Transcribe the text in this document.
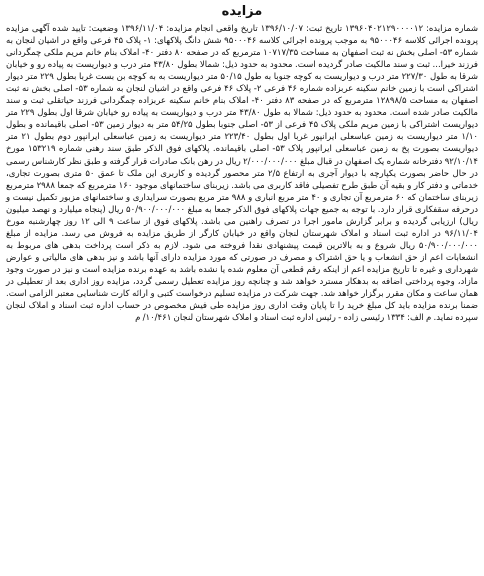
مزایده

شماره مزایده: ۱۳۹۶۰۴۰۲۱۲۹۰۰۰۰۱۲ تاریخ ثبت: ۱۳۹۶/۱۰/۰۷ تاریخ واقعی انجام مزایده: ۱۳۹۶/۱۱/۰۴ وضعیت: تایید شده آگهی مزایده پرونده اجرائی کلاسه ۹۵۰۰۰۴۶ به موجب پرونده اجرائی کلاسه ۹۵۰۰۰۴۶ شش دانگ پلاکهای: ۱- پلاک ۴۵ فرعی واقع در اشیان لنجان به شماره ۵۳- اصلی بخش نه ثبت اصفهان به مساحت ۱۰۷۱۷/۳۵ مترمربع که در صفحه ۸۰ دفتر ۴۰- املاک بنام خانم مریم ملکی چمگردانی فرزند خیرا... ثبت و سند مالکیت صادر گردیده است. محدود به حدود ذیل: شمالا بطول ۴۳/۸۰ متر درب و دیواریست به پیاده رو و خیابان شرقا به طول ۲۲۷/۳۰ متر درب و دیواریست به کوچه جنوبا به طول ۵۰/۱۵ متر دیواریست به به کوچه بن بست غربا بطول ۲۲۹ متر دیوار اشتراکی است با زمین خانم سکینه عربزاده شماره ۴۶ فرعی ۲- پلاک ۴۶ فرعی واقع در اشیان لنجان به شماره ۵۳- اصلی بخش نه ثبت اصفهان به مساحت ۱۲۸۹۸/۵ مترمربع که در صفحه ۸۳ دفتر ۴۰- املاک بنام خانم سکینه عربزاده چمگردانی فرزند حیاتقلی ثبت و سند مالکیت صادر شده است. محدود به حدود ذیل: شمالا به طول ۴۳/۸۰ متر درب و دیواریست به پیاده رو خیابان شرقا اول بطول ۲۲۹ متر دیواریست اشتراکی با زمین مریم ملکی پلاک ۴۵ فرعی از ۵۳- اصلی جنوبا بطول ۵۴/۲۵ متر به دیوار زمین ۵۳- اصلی باقیمانده و بطول ۱/۱۰ متر دیواریست به زمین عباسعلی ایرانپور غربا اول بطول ۲۲۳/۴۰ متر دیواریست به زمین عباسعلی ایرانپور دوم بطول ۲۱ متر دیواریست بصورت پخ به زمین عباسعلی ایرانپور پلاک ۵۳- اصلی باقیمانده. پلاکهای فوق الذکر طبق سند رهنی شماره ۱۵۳۲۱۹ مورخ ۹۲/۱۰/۱۴ دفترخانه شماره یک اصفهان در قبال مبلغ ۲/۰۰۰/۰۰۰/۰۰۰ ریال در رهن بانک صادرات قرار گرفته و طبق نظر کارشناس رسمی در حال حاضر بصورت یکپارچه با دیوار آجری به ارتفاع ۲/۵ متر محصور گردیده و کاربری این ملک تا عمق ۵۰ متری بصورت تجاری، خدماتی و دفتر کار و بقیه آن طبق طرح تفصیلی فاقد کاربری می باشد. زیربنای ساختمانهای موجود ۱۶۰ مترمربع که جمعا ۲۹۸۸ مترمربع زیربنای ساختمان که ۶۰ مترمربع آن تجاری و ۴۰ متر مربع انباری و ۹۸۸ متر مربع بصورت سرایداری و ساختمانهای مزبور تکمیل نیست و درحرفه سقفکاری قرار دارد. با توجه به جمیع جهات پلاکهای فوق الذکر جمعا به مبلغ ۵۰/۹۰۰/۰۰۰/۰۰۰ ریال (پنجاه میلیارد و نهصد میلیون ریال) ارزیابی گردیده و برابر گزارش مامور اجرا در تصرف راهنین می باشد. پلاکهای فوق از ساعت ۹ الی ۱۲ روز چهارشنبه مورخ ۹۶/۱۱/۰۴ در اداره ثبت اسناد و املاک شهرستان لنجان واقع در خیابان کارگر از طریق مزایده به فروش می رسد. مزایده از مبلغ ۵۰/۹۰۰/۰۰۰/۰۰۰ ریال شروع و به بالاترین قیمت پیشنهادی نقدا فروخته می شود. لازم به ذکر است پرداخت بدهی های مربوط به انشعابات اعم از حق انشعاب و یا حق اشتراک و مصرف در صورتی که مورد مزایده دارای آنها باشد و نیز بدهی های مالیاتی و عوارض شهرداری و غیره تا تاریخ مزایده اعم از اینکه رقم قطعی آن معلوم شده یا نشده باشد به عهده برنده مزایده است و نیز در صورت وجود مازاد، وجوه پرداختی اضافه به بدهکار مسترد خواهد شد و چنانچه روز مزایده تعطیل رسمی گردد، مزایده روز اداری بعد از تعطیلی در همان ساعت و مکان مقرر برگزار خواهد شد. جهت شرکت در مزایده تسلیم درخواست کتبی و ارائه کارت شناسایی معتبر الزامی است. ضمنا برنده مزایده باید کل مبلغ خرید را تا پایان وقت اداری روز مزایده طی فیش مخصوص در حساب اداره ثبت اسناد و املاک لنجان سپرده نماید. م الف: ۱۳۳۴ رئیسی زاده - رئیس اداره ثبت اسناد و املاک شهرستان لنجان ۱۰/۴۶۱/ م
